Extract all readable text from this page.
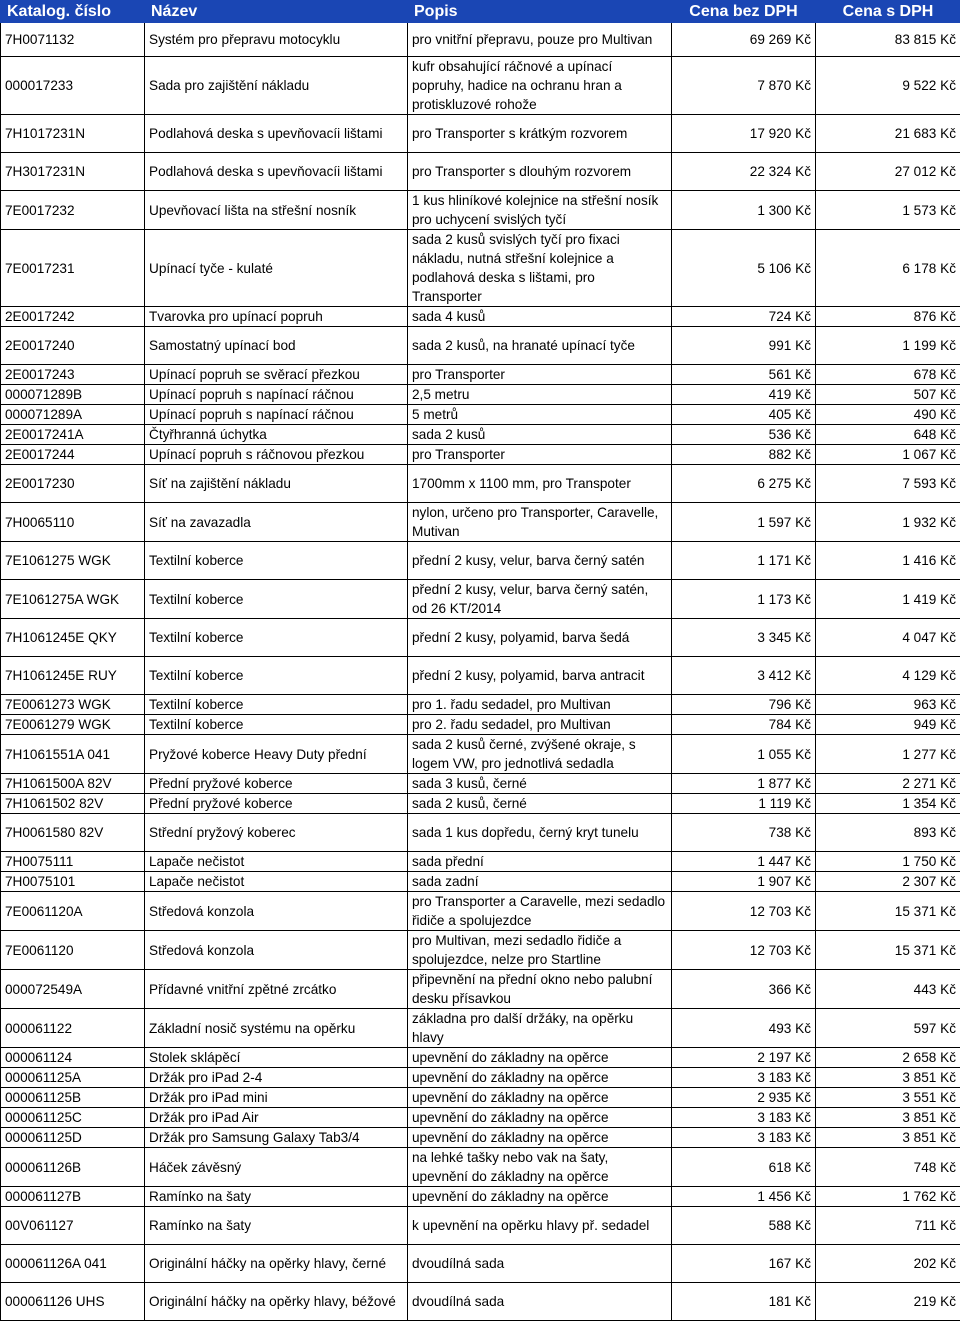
Katalog. číslo	Název	Popis	Cena bez DPH	Cena s DPH
7H0071132	Systém pro přepravu motocyklu	pro vnitřní přepravu, pouze pro Multivan	69 269 Kč	83 815 Kč
000017233	Sada pro zajištění nákladu	kufr obsahující ráčnové a upínací popruhy, hadice na ochranu hran a protiskluzové rohože	7 870 Kč	9 522 Kč
7H1017231N	Podlahová deska s upevňovacíi lištami	pro Transporter s krátkým rozvorem	17 920 Kč	21 683 Kč
7H3017231N	Podlahová deska s upevňovacíi lištami	pro Transporter s dlouhým rozvorem	22 324 Kč	27 012 Kč
7E0017232	Upevňovací lišta na střešní nosník	1 kus hliníkové kolejnice na střešní nosík pro uchycení svislých tyčí	1 300 Kč	1 573 Kč
7E0017231	Upínací tyče - kulaté	sada 2 kusů svislých tyčí pro fixaci nákladu, nutná střešní kolejnice a podlahová deska s lištami, pro Transporter	5 106 Kč	6 178 Kč
2E0017242	Tvarovka pro upínací popruh	sada 4 kusů	724 Kč	876 Kč
2E0017240	Samostatný upínací bod	sada 2 kusů, na hranaté upínací tyče	991 Kč	1 199 Kč
2E0017243	Upínací popruh se svěrací přezkou	pro Transporter	561 Kč	678 Kč
000071289B	Upínací popruh s napínací ráčnou	2,5 metru	419 Kč	507 Kč
000071289A	Upínací popruh s napínací ráčnou	5 metrů	405 Kč	490 Kč
2E0017241A	Čtyřhranná úchytka	sada 2 kusů	536 Kč	648 Kč
2E0017244	Upínací popruh s ráčnovou přezkou	pro Transporter	882 Kč	1 067 Kč
2E0017230	Síť na zajištění nákladu	1700mm x 1100 mm, pro Transpoter	6 275 Kč	7 593 Kč
7H0065110	Síť na zavazadla	nylon, určeno pro Transporter, Caravelle, Mutivan	1 597 Kč	1 932 Kč
7E1061275 WGK	Textilní koberce	přední 2 kusy, velur, barva černý satén	1 171 Kč	1 416 Kč
7E1061275A WGK	Textilní koberce	přední 2 kusy, velur, barva černý satén, od 26 KT/2014	1 173 Kč	1 419 Kč
7H1061245E QKY	Textilní koberce	přední 2 kusy, polyamid, barva šedá	3 345 Kč	4 047 Kč
7H1061245E RUY	Textilní koberce	přední 2 kusy, polyamid, barva antracit	3 412 Kč	4 129 Kč
7E0061273 WGK	Textilní koberce	pro 1. řadu sedadel, pro Multivan	796 Kč	963 Kč
7E0061279 WGK	Textilní koberce	pro 2. řadu sedadel, pro Multivan	784 Kč	949 Kč
7H1061551A 041	Pryžové koberce Heavy Duty přední	sada 2 kusů černé, zvýšené okraje, s logem VW, pro jednotlivá sedadla	1 055 Kč	1 277 Kč
7H1061500A 82V	Přední pryžové koberce	sada 3 kusů, černé	1 877 Kč	2 271 Kč
7H1061502 82V	Přední pryžové koberce	sada 2 kusů, černé	1 119 Kč	1 354 Kč
7H0061580 82V	Střední pryžový koberec	sada 1 kus dopředu, černý kryt tunelu	738 Kč	893 Kč
7H0075111	Lapače nečistot	sada přední	1 447 Kč	1 750 Kč
7H0075101	Lapače nečistot	sada zadní	1 907 Kč	2 307 Kč
7E0061120A	Středová konzola	pro Transporter a Caravelle, mezi sedadlo řidiče a spolujezdce	12 703 Kč	15 371 Kč
7E0061120	Středová konzola	pro Multivan, mezi sedadlo řidiče a spolujezdce, nelze pro Startline	12 703 Kč	15 371 Kč
000072549A	Přídavné vnitřní zpětné zrcátko	připevnění na přední okno nebo palubní desku přísavkou	366 Kč	443 Kč
000061122	Základní nosič systému na opěrku	základna pro další držáky, na opěrku hlavy	493 Kč	597 Kč
000061124	Stolek sklápěcí	upevnění do základny na opěrce	2 197 Kč	2 658 Kč
000061125A	Držák pro iPad 2-4	upevnění do základny na opěrce	3 183 Kč	3 851 Kč
000061125B	Držák pro iPad mini	upevnění do základny na opěrce	2 935 Kč	3 551 Kč
000061125C	Držák pro iPad Air	upevnění do základny na opěrce	3 183 Kč	3 851 Kč
000061125D	Držák pro Samsung Galaxy Tab3/4	upevnění do základny na opěrce	3 183 Kč	3 851 Kč
000061126B	Háček závěsný	na lehké tašky nebo vak na šaty, upevnění do základny na opěrce	618 Kč	748 Kč
000061127B	Ramínko na šaty	upevnění do základny na opěrce	1 456 Kč	1 762 Kč
00V061127	Ramínko na šaty	k upevnění na opěrku hlavy př. sedadel	588 Kč	711 Kč
000061126A 041	Originální háčky na opěrky hlavy, černé	dvoudílná sada	167 Kč	202 Kč
000061126 UHS	Originální háčky na opěrky hlavy, béžové	dvoudílná sada	181 Kč	219 Kč
